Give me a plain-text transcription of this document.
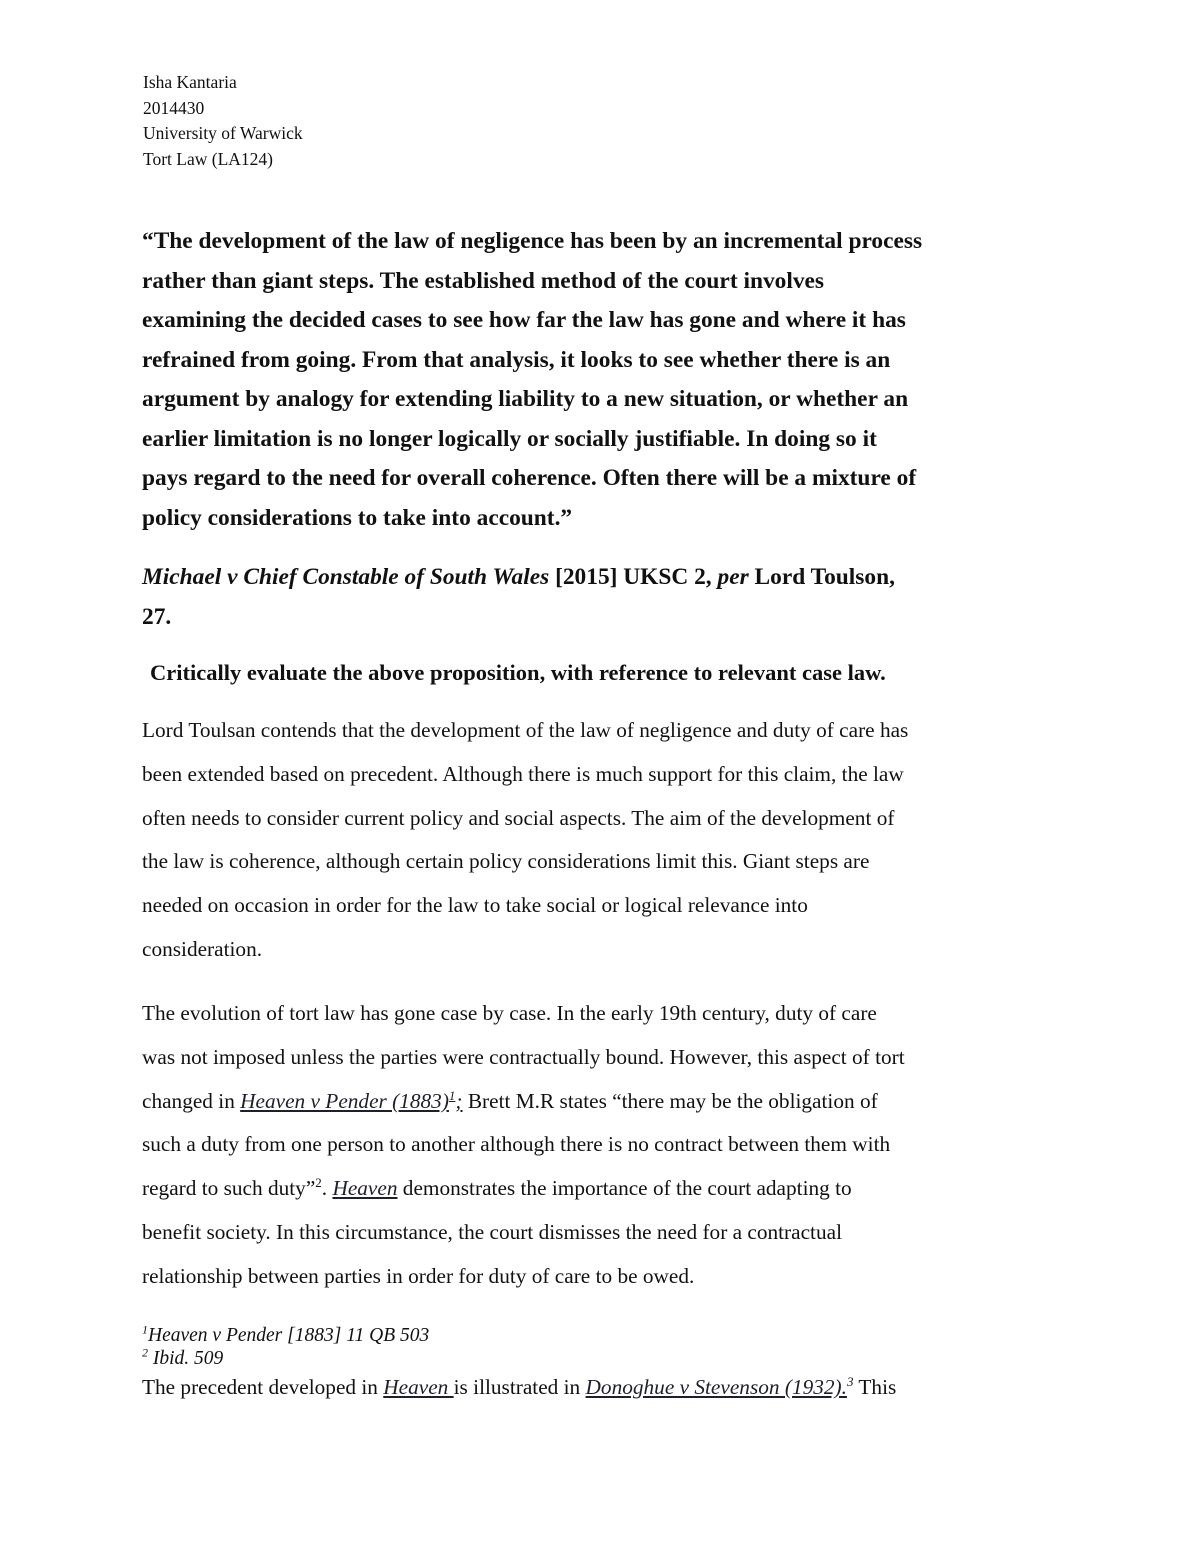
Isha Kantaria
2014430
University of Warwick
Tort Law (LA124)
“The development of the law of negligence has been by an incremental process
rather than giant steps. The established method of the court involves
examining the decided cases to see how far the law has gone and where it has
refrained from going. From that analysis, it looks to see whether there is an
argument by analogy for extending liability to a new situation, or whether an
earlier limitation is no longer logically or socially justifiable. In doing so it
pays regard to the need for overall coherence. Often there will be a mixture of
policy considerations to take into account.”
Michael v Chief Constable of South Wales [2015] UKSC 2, per Lord Toulson,
27.
Critically evaluate the above proposition, with reference to relevant case law.
Lord Toulsan contends that the development of the law of negligence and duty of care has
been extended based on precedent. Although there is much support for this claim, the law
often needs to consider current policy and social aspects. The aim of the development of
the law is coherence, although certain policy considerations limit this. Giant steps are
needed on occasion in order for the law to take social or logical relevance into
consideration.
The evolution of tort law has gone case by case. In the early 19th century, duty of care
was not imposed unless the parties were contractually bound. However, this aspect of tort
changed in Heaven v Pender $(1883)^1$; Brett M.R states “there may be the obligation of
such a duty from one person to another although there is no contract between them with
regard to such duty”$^2$. Heaven demonstrates the importance of the court adapting to
benefit society. In this circumstance, the court dismisses the need for a contractual
relationship between parties in order for duty of care to be owed.
$^1$Heaven v Pender [1883] 11 QB 503
$^2$ Ibid. 509
The precedent developed in Heaven is illustrated in Donoghue v Stevenson (1932).$^3$ This
